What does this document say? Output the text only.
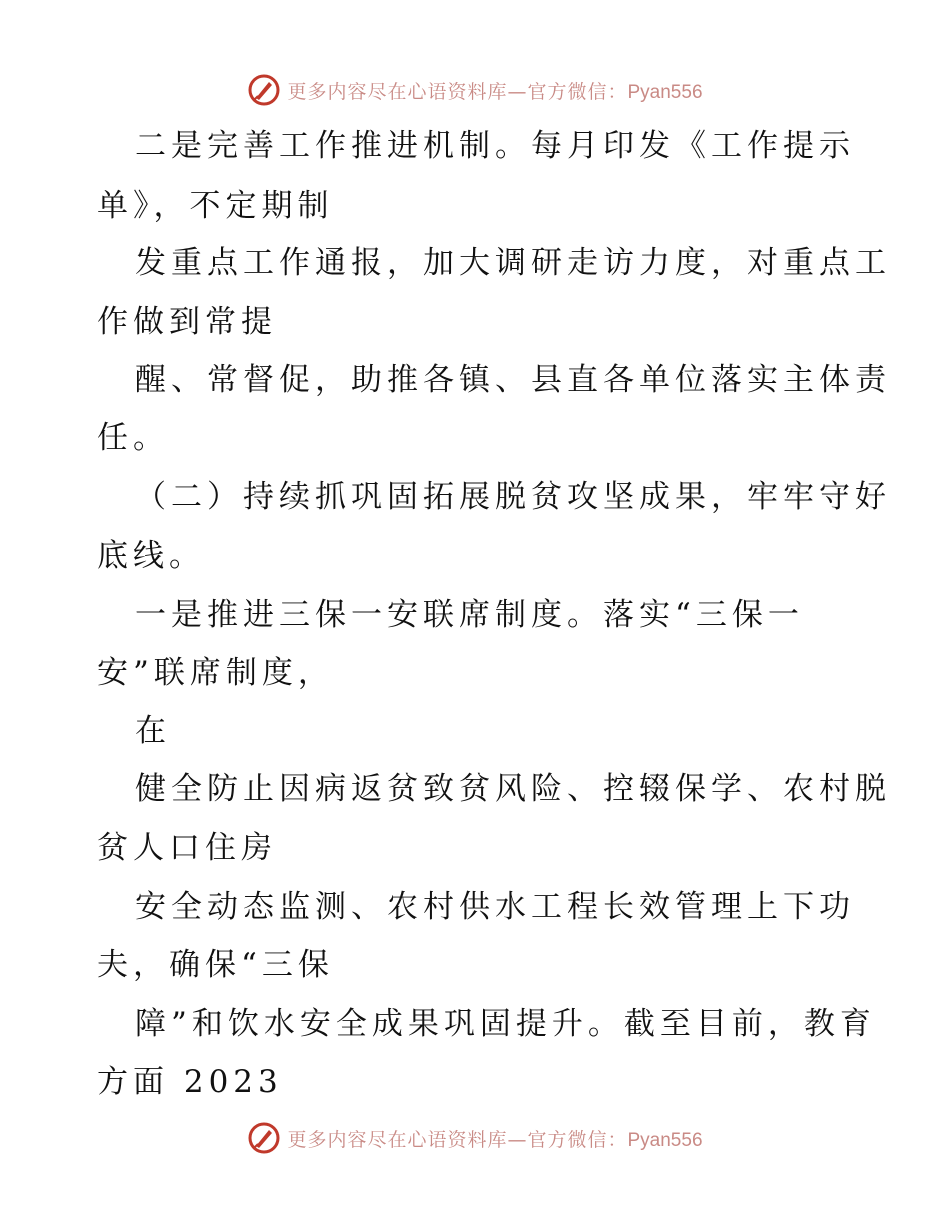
更多内容尽在心语资料库—官方微信：Pyan556
二是完善工作推进机制。每月印发《工作提示
单》，不定期制
发重点工作通报，加大调研走访力度，对重点工
作做到常提
醒、常督促，助推各镇、县直各单位落实主体责
任。
（二）持续抓巩固拓展脱贫攻坚成果，牢牢守好
底线。
一是推进三保一安联席制度。落实“三保一
安”联席制度，
在
健全防止因病返贫致贫风险、控辍保学、农村脱
贫人口住房
安全动态监测、农村供水工程长效管理上下功
夫，确保“三保
障”和饮水安全成果巩固提升。截至目前，教育
方面 2023
更多内容尽在心语资料库—官方微信：Pyan556
